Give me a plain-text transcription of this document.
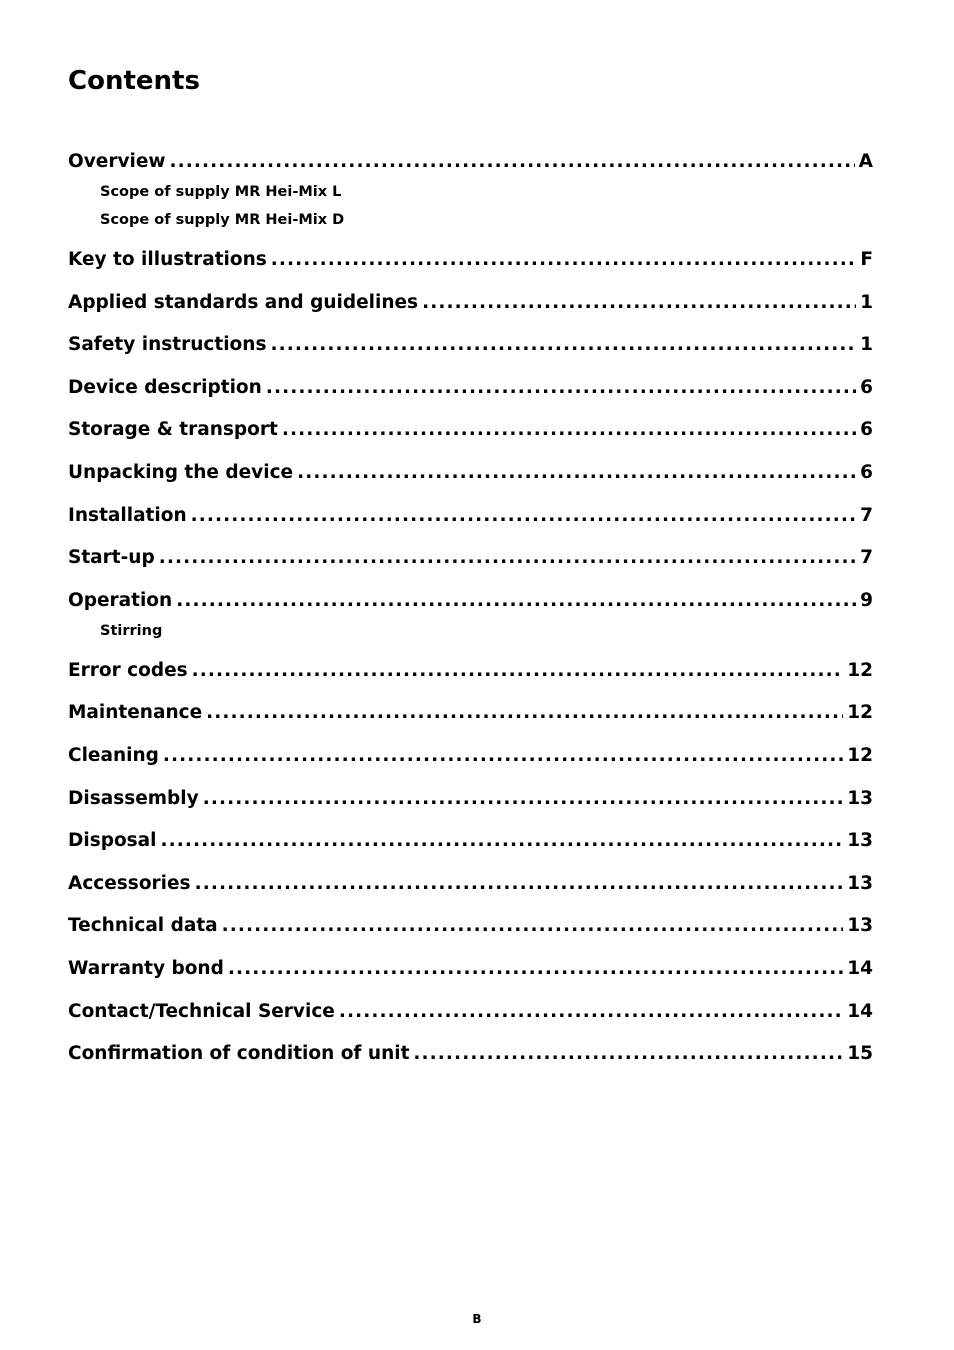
Contents
Overview .....	A
Scope of supply MR Hei-Mix L
Scope of supply MR Hei-Mix D
Key to illustrations .....	F
Applied standards and guidelines .....	1
Safety instructions .....	1
Device description .....	6
Storage & transport .....	6
Unpacking the device .....	6
Installation .....	7
Start-up .....	7
Operation .....	9
Stirring
Error codes .....	12
Maintenance .....	12
Cleaning .....	12
Disassembly .....	13
Disposal .....	13
Accessories .....	13
Technical data .....	13
Warranty bond .....	14
Contact/Technical Service .....	14
Confirmation of condition of unit .....	15
B
